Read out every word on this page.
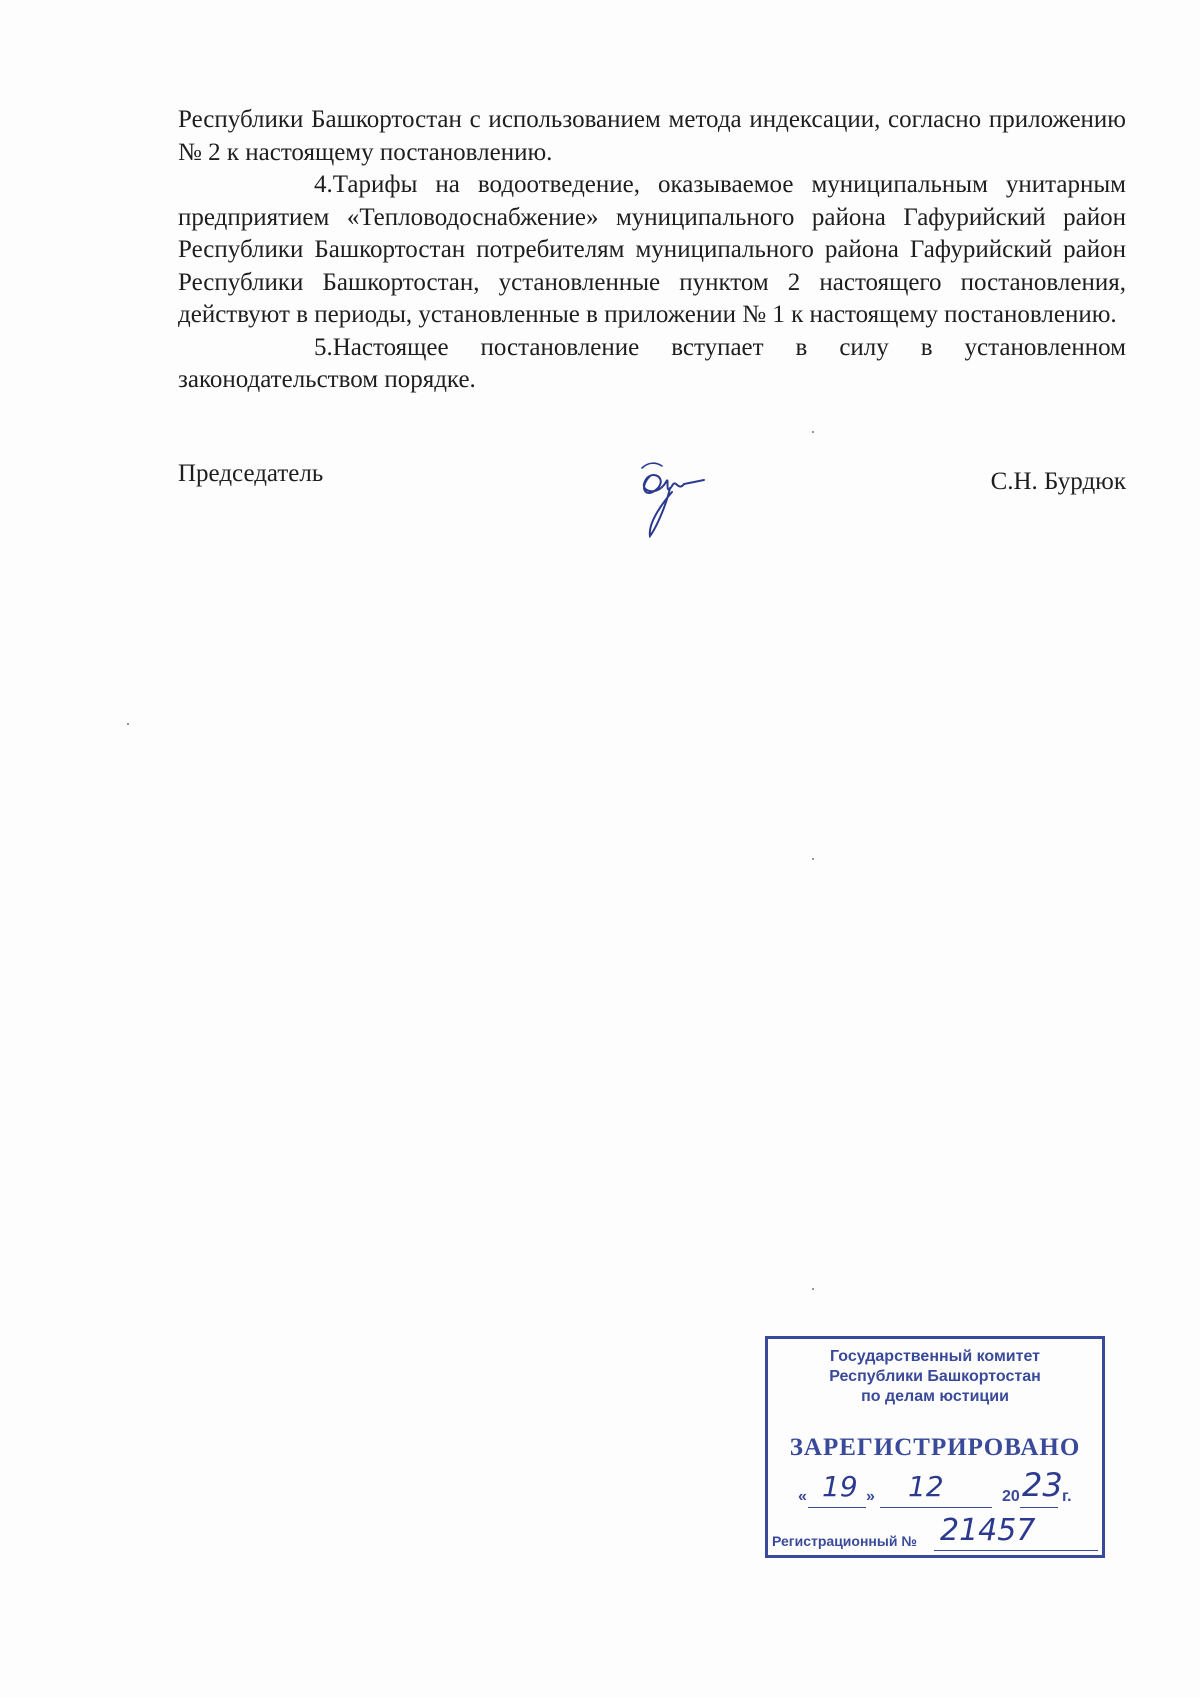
Республики Башкортостан с использованием метода индексации, согласно приложению № 2 к настоящему постановлению.

4.Тарифы на водоотведение, оказываемое муниципальным унитарным предприятием «Тепловодоснабжение» муниципального района Гафурийский район Республики Башкортостан потребителям муниципального района Гафурийский район Республики Башкортостан, установленные пунктом 2 настоящего постановления, действуют в периоды, установленные в приложении № 1 к настоящему постановлению.

5.Настоящее постановление вступает в силу в установленном законодательством порядке.

Председатель	С.Н. Бурдюк
Государственный комитет
Республики Башкортостан
по делам юстиции
ЗАРЕГИСТРИРОВАНО
« 19 » 12	20 23 г.
Регистрационный № 21457
